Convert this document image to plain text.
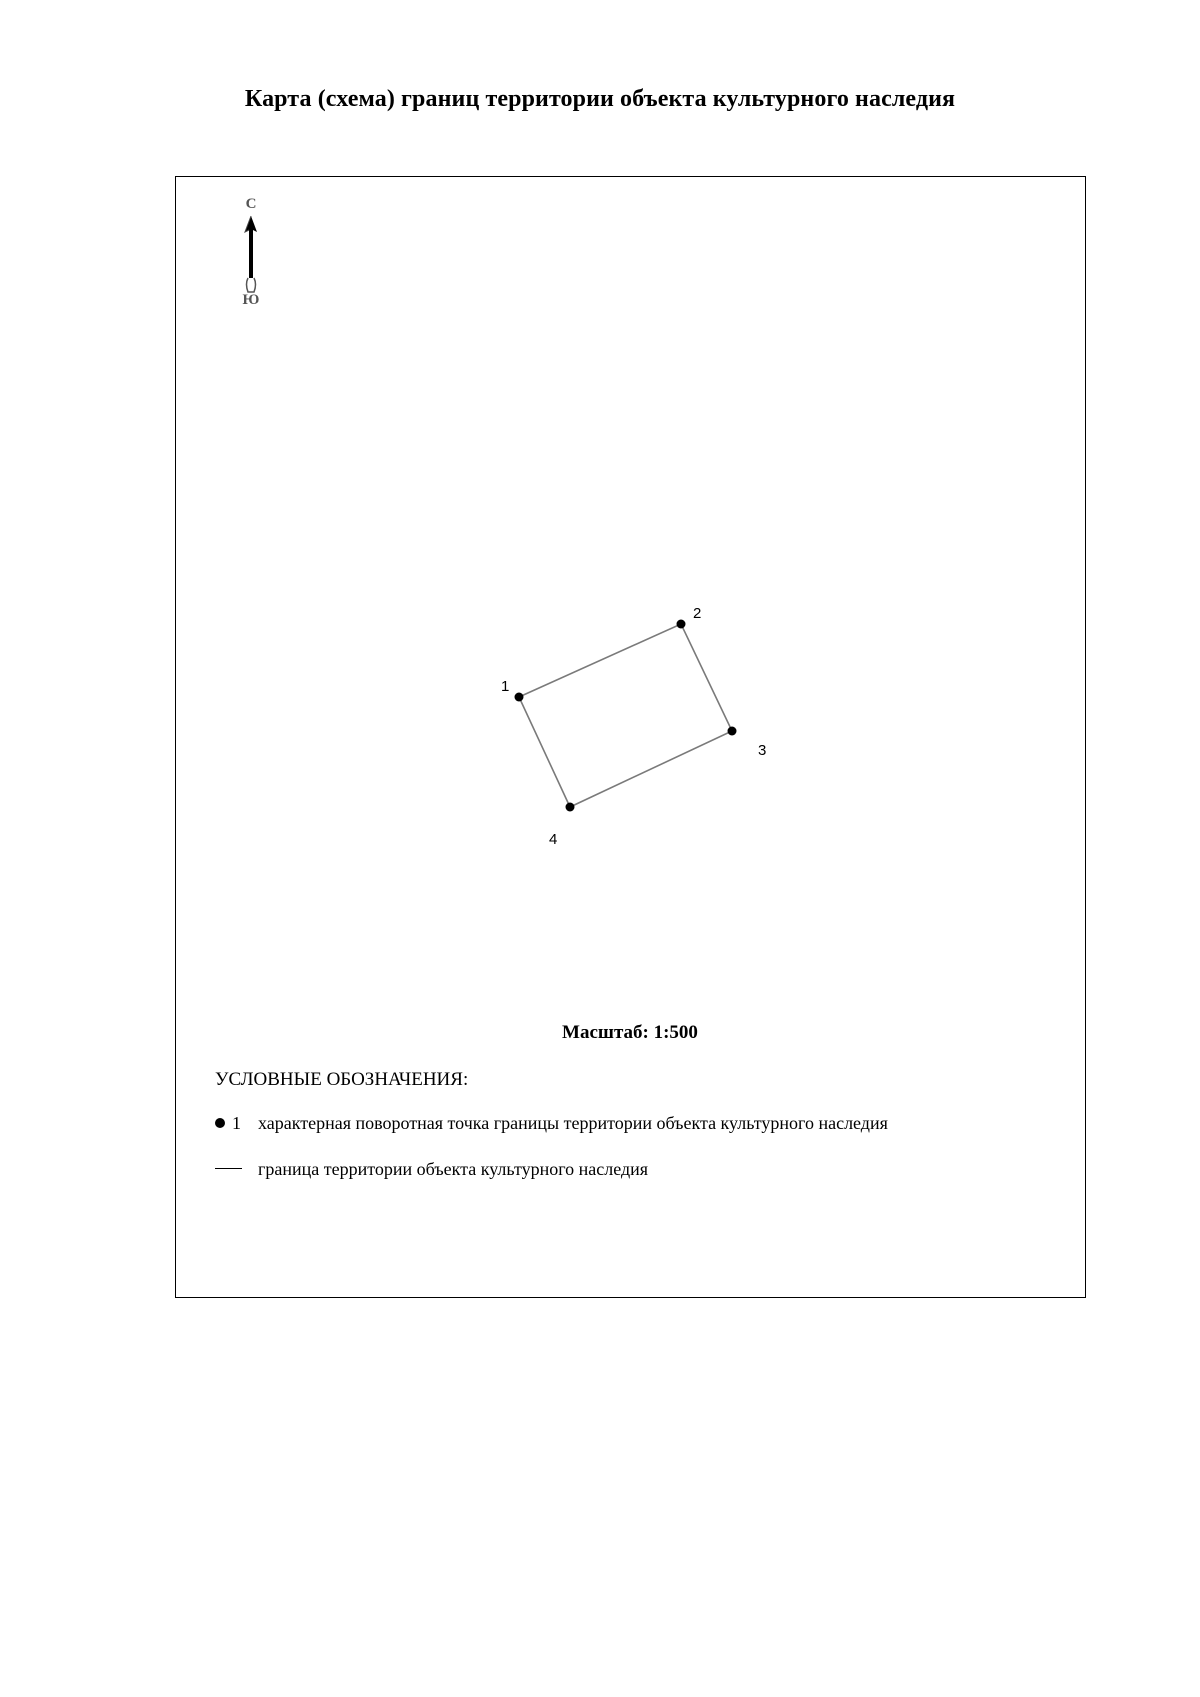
Карта (схема) границ территории объекта культурного наследия
С
Ю
1
2
3
4
Масштаб: 1:500
УСЛОВНЫЕ ОБОЗНАЧЕНИЯ:
1 характерная поворотная точка границы территории объекта культурного наследия
граница территории объекта культурного наследия
